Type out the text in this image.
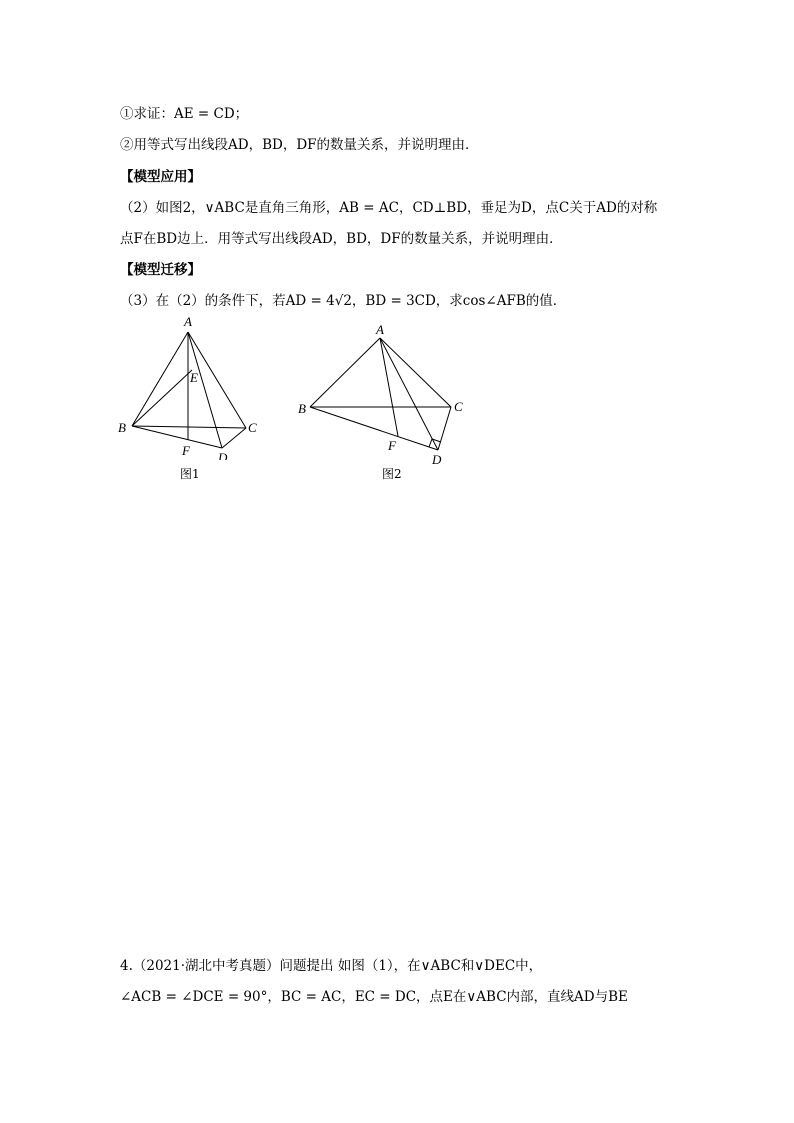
①求证：AE = CD；
②用等式写出线段AD，BD，DF的数量关系，并说明理由．
【模型应用】
（2）如图2，∨ABC是直角三角形，AB = AC，CD⊥BD，垂足为D，点C关于AD的对称
点F在BD边上．用等式写出线段AD，BD，DF的数量关系，并说明理由．
【模型迁移】
（3）在（2）的条件下，若AD = 4√2，BD = 3CD，求cos∠AFB的值．
A
B	C
D
E
F
图1
A
B	C
D
F
图2
4.（2021·湖北中考真题）问题提出 如图（1），在∨ABC和∨DEC中，
∠ACB = ∠DCE = 90°，BC = AC，EC = DC，点E在∨ABC内部，直线AD与BE
